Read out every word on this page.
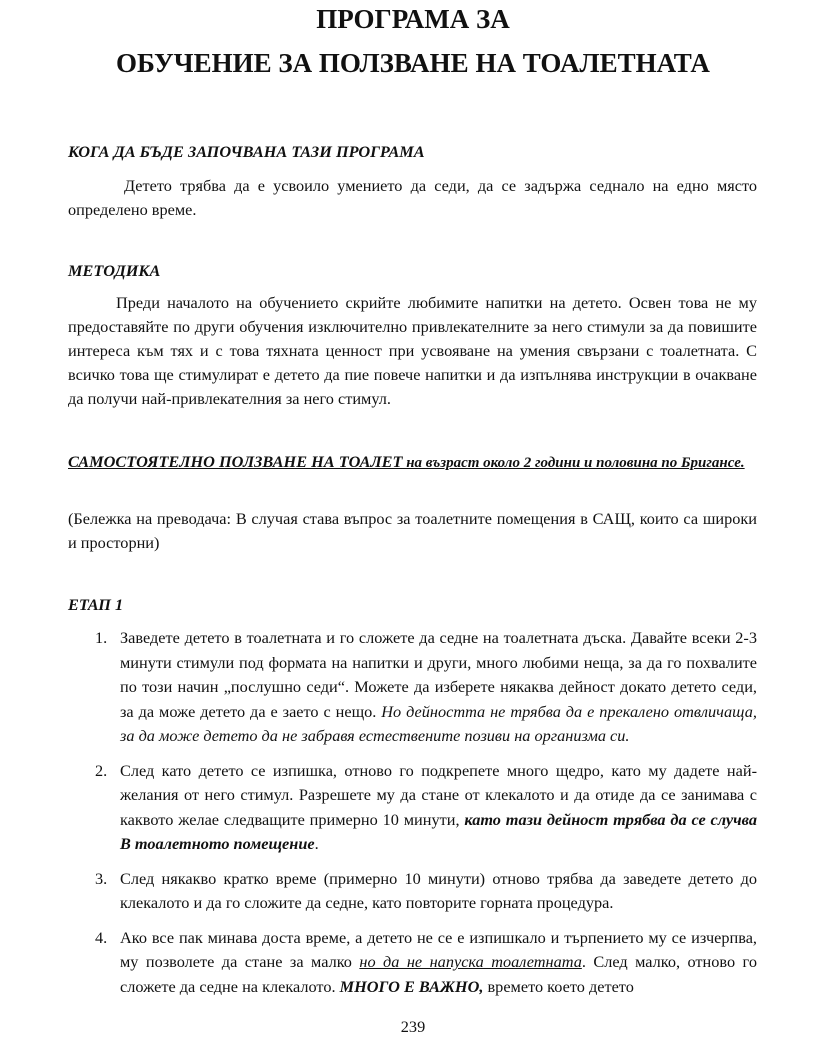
ПРОГРАМА ЗА
ОБУЧЕНИЕ ЗА ПОЛЗВАНЕ НА ТОАЛЕТНАТА
КОГА ДА БЪДЕ ЗАПОЧВАНА ТАЗИ ПРОГРАМА
Детето трябва да е усвоило умението да седи, да се задържа седнало на едно място определено време.
МЕТОДИКА
Преди началото на обучението скрийте любимите напитки на детето. Освен това не му предоставяйте по други обучения изключително привлекателните за него стимули за да повишите интереса към тях и с това тяхната ценност при усвояване на умения свързани с тоалетната. С всичко това ще стимулират е детето да пие повече напитки и да изпълнява инструкции в очакване да получи най-привлекателния за него стимул.
САМОСТОЯТЕЛНО ПОЛЗВАНЕ НА ТОАЛЕТ на възраст около 2 години и половина по Бригансе.
(Бележка на преводача: В случая става въпрос за тоалетните помещения в САЩ, които са широки и просторни)
ЕТАП 1
1. Заведете детето в тоалетната и го сложете да седне на тоалетната дъска. Давайте всеки 2-3 минути стимули под формата на напитки и други, много любими неща, за да го похвалите по този начин „послушно седи“. Можете да изберете някаква дейност докато детето седи, за да може детето да е заето с нещо. Но дейността не трябва да е прекалено отвличаща, за да може детето да не забравя естествените позиви на организма си.
2. След като детето се изпишка, отново го подкрепете много щедро, като му дадете най-желания от него стимул. Разрешете му да стане от клекалото и да отиде да се занимава с каквото желае следващите примерно 10 минути, като тази дейност трябва да се случва В тоалетното помещение.
3. След някакво кратко време (примерно 10 минути) отново трябва да заведете детето до клекалото и да го сложите да седне, като повторите горната процедура.
4. Ако все пак минава доста време, а детето не се е изпишкало и търпението му се изчерпва, му позволете да стане за малко но да не напуска тоалетната. След малко, отново го сложете да седне на клекалото. МНОГО Е ВАЖНО, времето което детето
239
